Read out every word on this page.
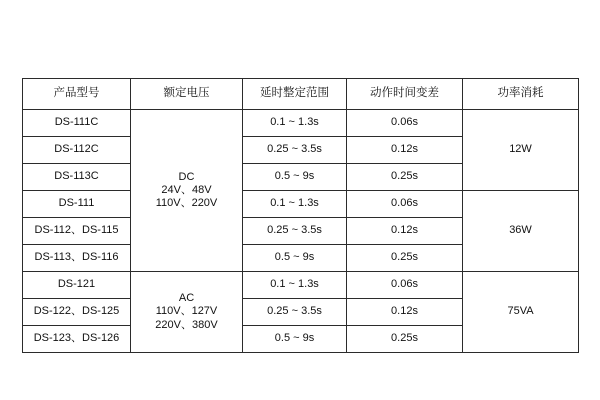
产品型号	额定电压	延时整定范围	动作时间变差	功率消耗
DS-111C	DC
24V、48V
110V、220V	0.1 ~ 1.3s	0.06s	12W
DS-112C		0.25 ~ 3.5s	0.12s	
DS-113C		0.5 ~ 9s	0.25s	
DS-111		0.1 ~ 1.3s	0.06s	36W
DS-112、DS-115		0.25 ~ 3.5s	0.12s	
DS-113、DS-116		0.5 ~ 9s	0.25s	
DS-121	AC
110V、127V
220V、380V	0.1 ~ 1.3s	0.06s	75VA
DS-122、DS-125		0.25 ~ 3.5s	0.12s	
DS-123、DS-126		0.5 ~ 9s	0.25s	
